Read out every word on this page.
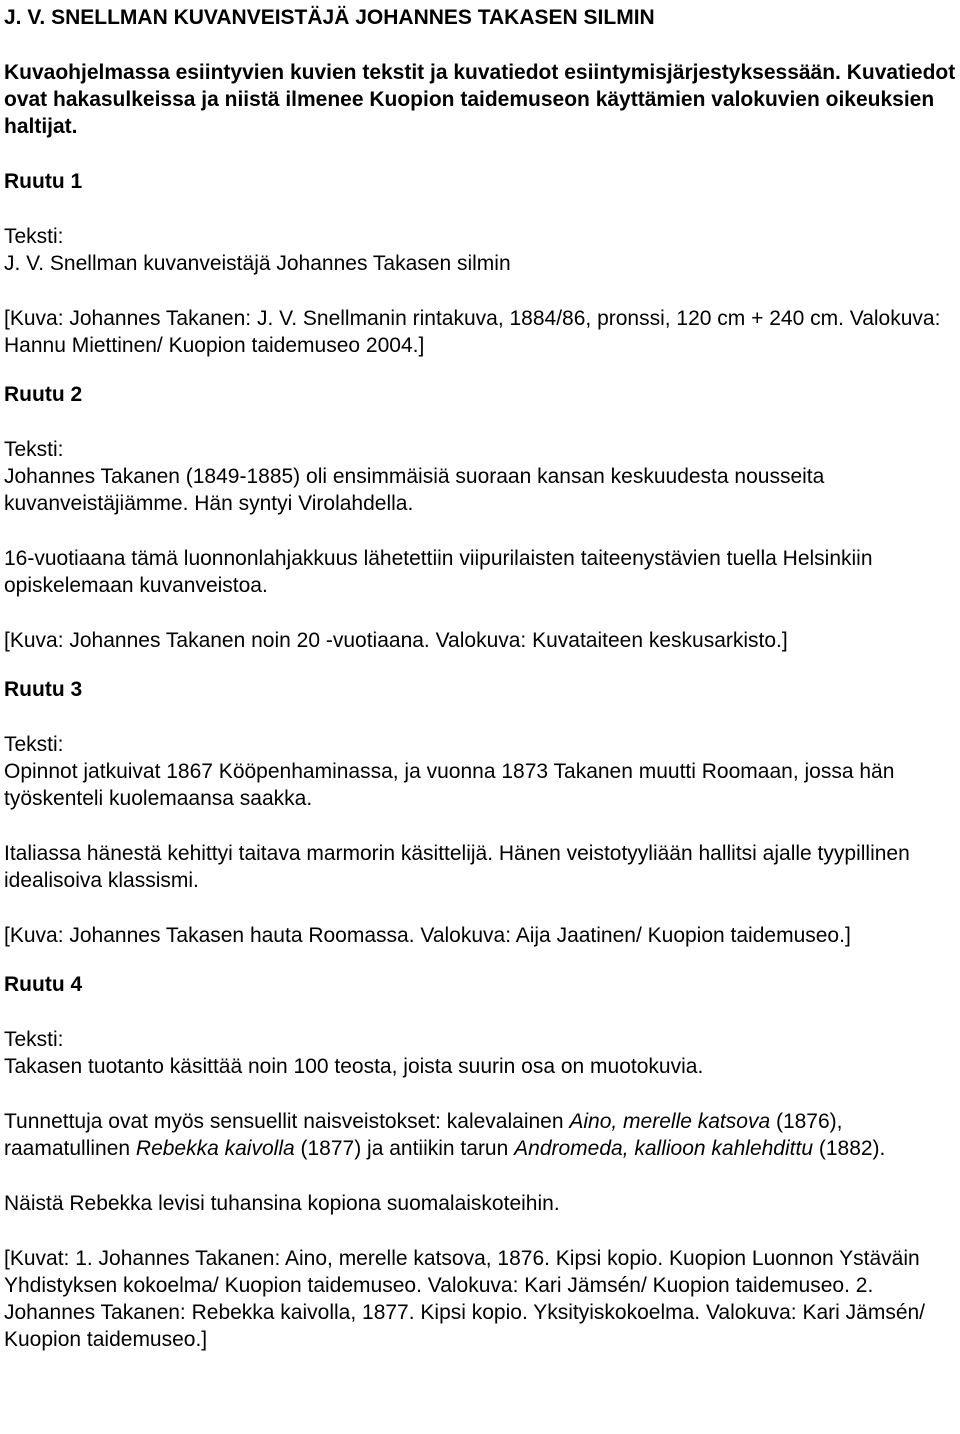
J. V. SNELLMAN KUVANVEISTÄJÄ JOHANNES TAKASEN SILMIN

Kuvaohjelmassa esiintyvien kuvien tekstit ja kuvatiedot esiintymisjärjestyksessään. Kuvatiedot ovat hakasulkeissa ja niistä ilmenee Kuopion taidemuseon käyttämien valokuvien oikeuksien haltijat.

Ruutu 1

Teksti:

J. V. Snellman kuvanveistäjä Johannes Takasen silmin

[Kuva: Johannes Takanen: J. V. Snellmanin rintakuva, 1884/86, pronssi, 120 cm + 240 cm. Valokuva: Hannu Miettinen/ Kuopion taidemuseo 2004.]

Ruutu 2

Teksti:

Johannes Takanen (1849-1885) oli ensimmäisiä suoraan kansan keskuudesta nousseita kuvanveistäjiämme. Hän syntyi Virolahdella.

16-vuotiaana tämä luonnonlahjakkuus lähetettiin viipurilaisten taiteenystävien tuella Helsinkiin opiskelemaan kuvanveistoa.

[Kuva: Johannes Takanen noin 20 -vuotiaana. Valokuva: Kuvataiteen keskusarkisto.]

Ruutu 3

Teksti:

Opinnot jatkuivat 1867 Kööpenhaminassa, ja vuonna 1873 Takanen muutti Roomaan, jossa hän työskenteli kuolemaansa saakka.

Italiassa hänestä kehittyi taitava marmorin käsittelijä. Hänen veistotyyliään hallitsi ajalle tyypillinen idealisoiva klassismi.

[Kuva: Johannes Takasen hauta Roomassa. Valokuva: Aija Jaatinen/ Kuopion taidemuseo.]

Ruutu 4

Teksti:

Takasen tuotanto käsittää noin 100 teosta, joista suurin osa on muotokuvia.

Tunnettuja ovat myös sensuellit naisveistokset: kalevalainen Aino, merelle katsova (1876), raamatullinen Rebekka kaivolla (1877) ja antiikin tarun Andromeda, kallioon kahlehdittu (1882).

Näistä Rebekka levisi tuhansina kopiona suomalaiskoteihin.

[Kuvat: 1. Johannes Takanen: Aino, merelle katsova, 1876. Kipsi kopio. Kuopion Luonnon Ystäväin Yhdistyksen kokoelma/ Kuopion taidemuseo. Valokuva: Kari Jämsén/ Kuopion taidemuseo. 2. Johannes Takanen: Rebekka kaivolla, 1877. Kipsi kopio. Yksityiskokoelma. Valokuva: Kari Jämsén/ Kuopion taidemuseo.]
